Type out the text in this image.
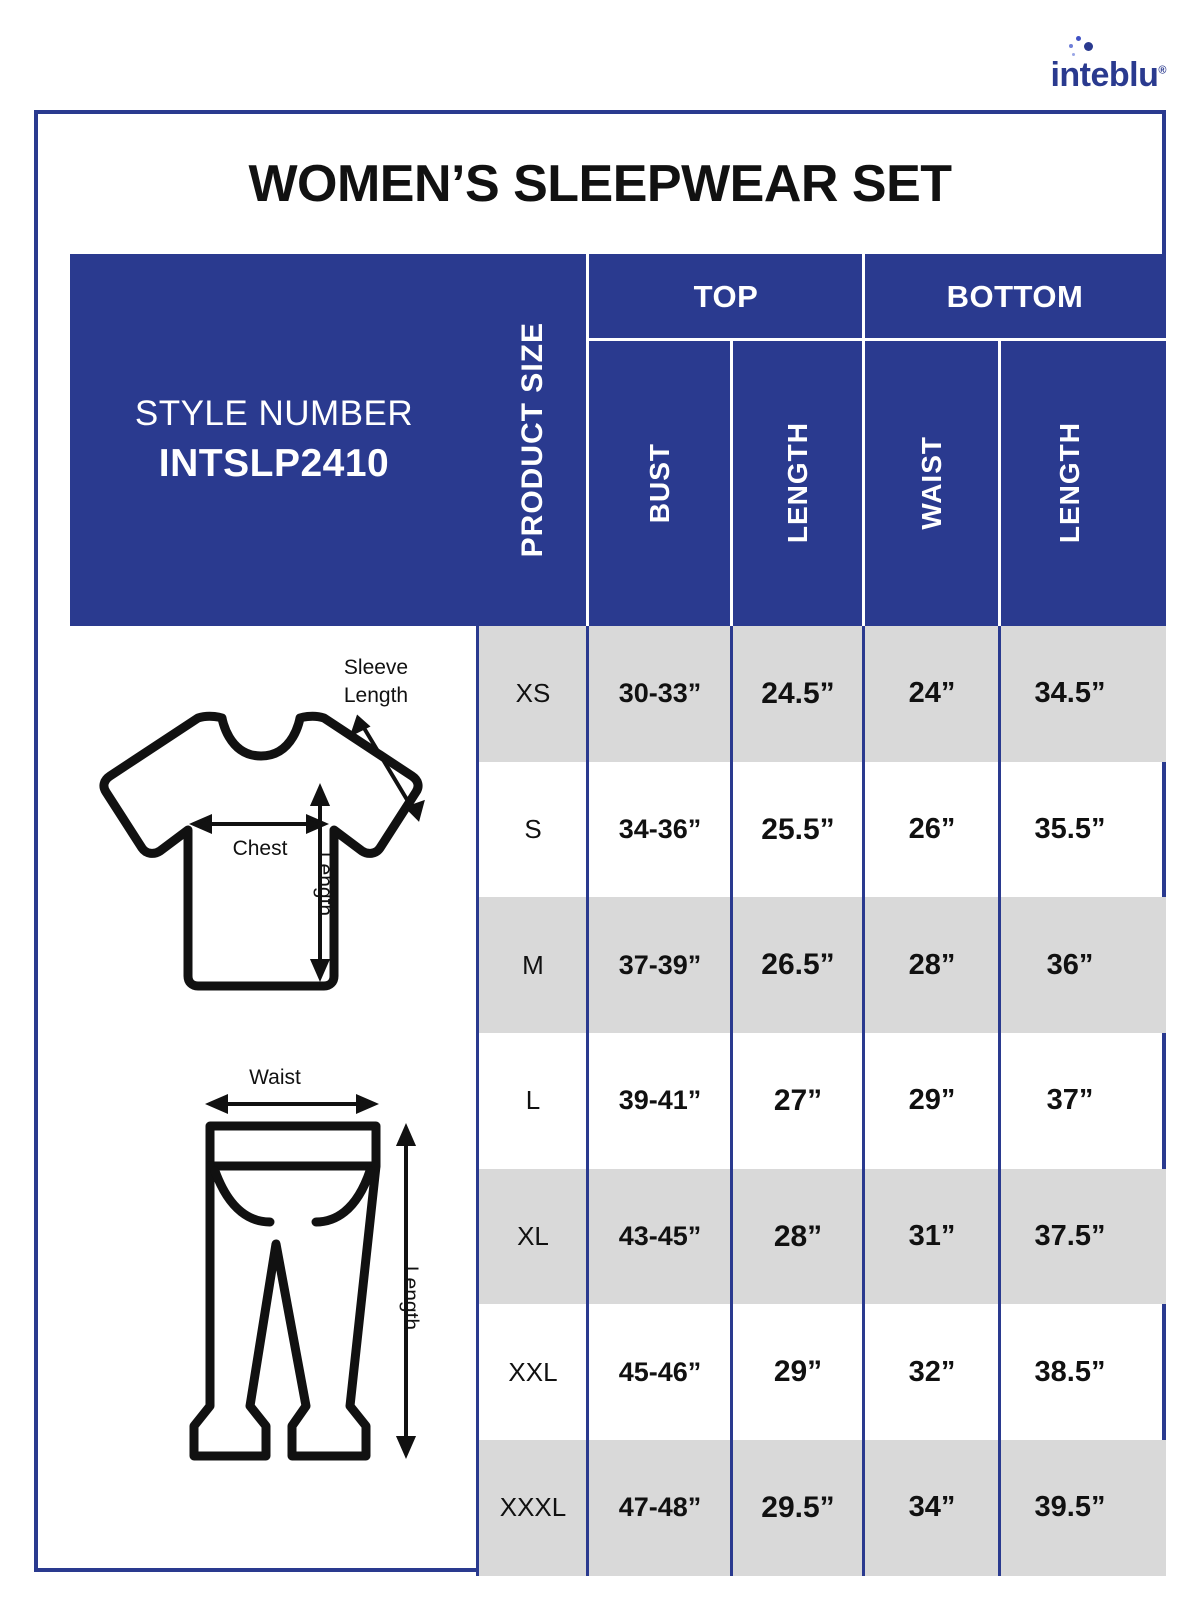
inteblu®
WOMEN’S SLEEPWEAR SET
STYLE NUMBER
INTSLP2410	PRODUCT SIZE
TOP	BOTTOM
BUST	LENGTH	WAIST	LENGTH
Sleeve
Length
Chest
Length
Waist
Length
XS	30-33”	24.5”	24”	34.5”
S	34-36”	25.5”	26”	35.5”
M	37-39”	26.5”	28”	36”
L	39-41”	27”	29”	37”
XL	43-45”	28”	31”	37.5”
XXL	45-46”	29”	32”	38.5”
XXXL	47-48”	29.5”	34”	39.5”
